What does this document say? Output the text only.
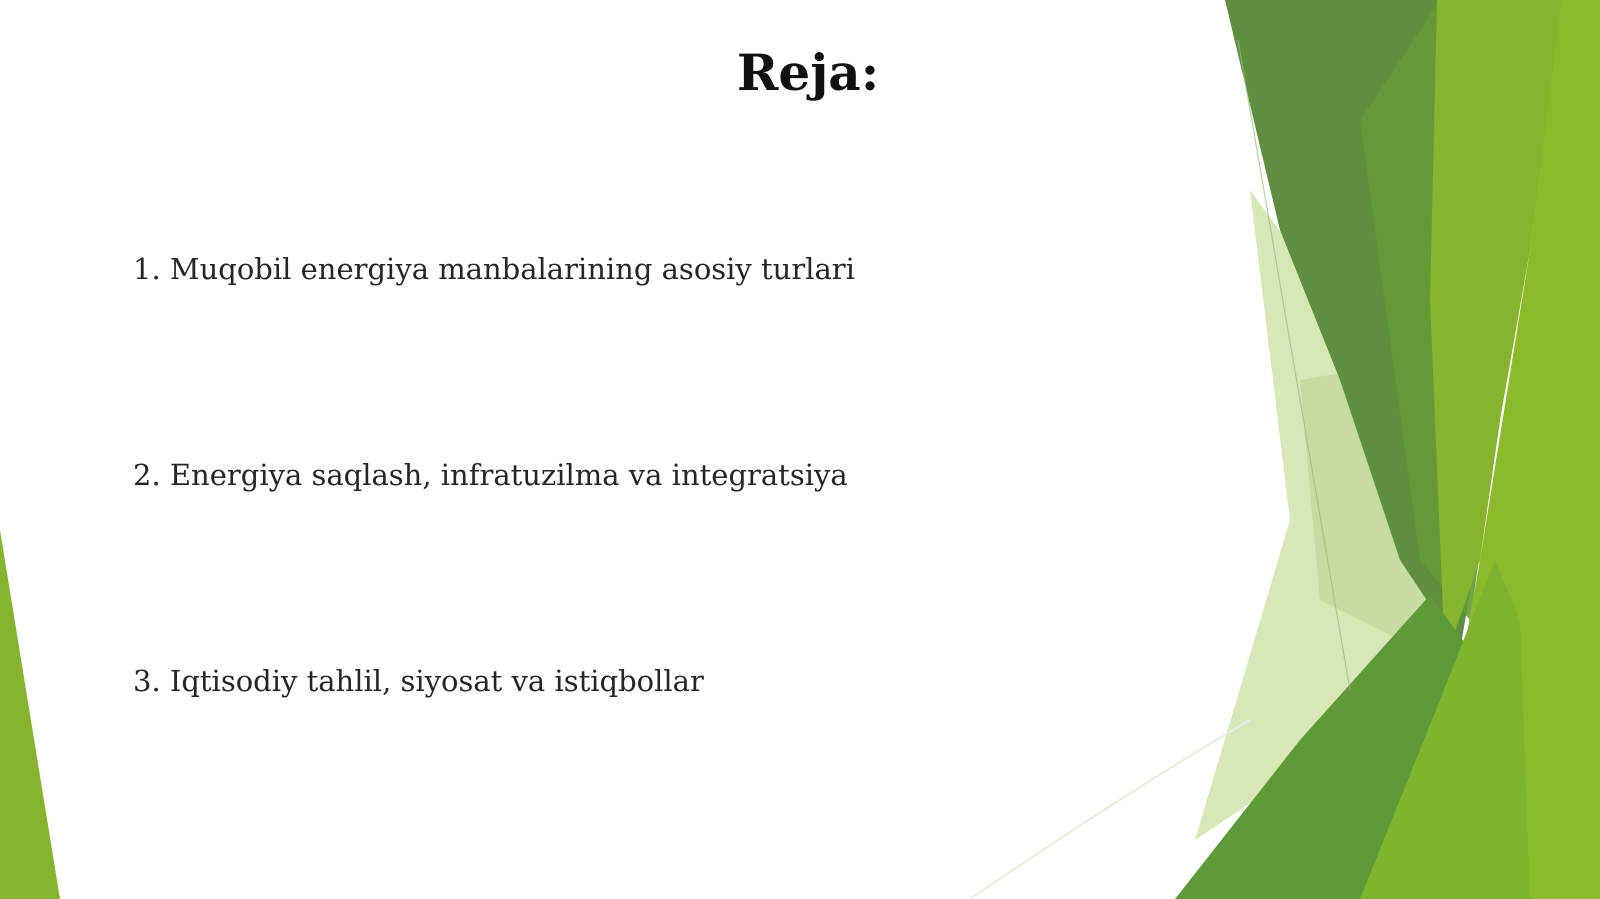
Reja:
1. Muqobil energiya manbalarining asosiy turlari
2. Energiya saqlash, infratuzilma va integratsiya
3. Iqtisodiy tahlil, siyosat va istiqbollar
